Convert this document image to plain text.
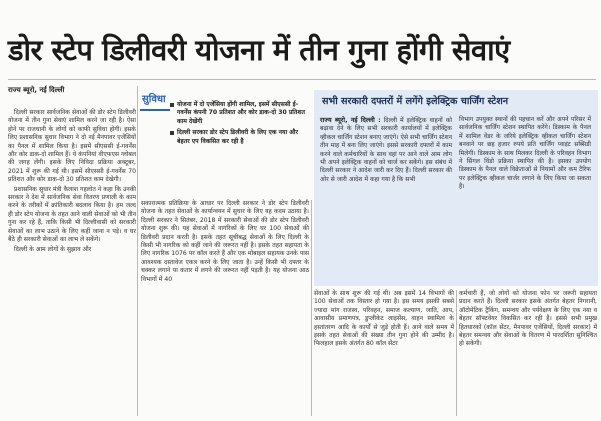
डोर स्टेप डिलीवरी योजना में तीन गुना होंगी सेवाएं
राज्य ब्यूरो, नई दिल्ली

दिल्ली सरकार सार्वजनिक सेवाओं की डोर स्टेप डिलीवरी योजना में तीन गुना सेवाएं शामिल करने जा रही है। ऐसा होने पर राजधानी के लोगों को काफी सुविधा होगी। इसके लिए प्रशासनिक सुधार विभाग ने दो नई मैनपावर एजेंसियों का पैनल में शामिल किया है। इसमें सीएससी ई-गवर्नेंस और कोर डाक-दो शामिल हैं। ये कंपनियां वीएफएस ग्लोबल की जगह लेंगी। इसके लिए निविदा प्रक्रिया अक्टूबर, 2021 में शुरू की गई थी। इसमें सीएससी ई-गवर्नेंस 70 प्रतिशत और कोर डाक-दो 30 प्रतिशत काम देखेगी।

प्रशासनिक सुधार मंत्री कैलाश गहलोत ने कहा कि उनकी सरकार ने देश में सार्वजनिक सेवा वितरण प्रणाली के काम करने के तरीकों में क्रांतिकारी बदलाव किया है। हम जल्द ही डोर स्टेप योजना के तहत आने वाली सेवाओं को भी तीन गुना कर रहे हैं, ताकि किसी भी दिल्लीवासी को सरकारी सेवाओं का लाभ उठाने के लिए कहीं जाना न पड़े। व घर बैठे ही सरकारी सेवाओं का लाभ ले सकेंगे।

दिल्ली के आम लोगों के सुझाव और

सुविधा	योजना में दो एजेंसिया होंगी शामिल, इसमें सीएससी ई-गवर्नेंस कंपनी 70 प्रतिशत और कोर डाक-दो 30 प्रतिशत काम देखेंगी
दिल्ली सरकार डोर स्टेप डिलीवरी के लिए एक नया और बेहतर एप विकसित कर रही है

सकारात्मक प्रतिक्रिया के आधार पर दिल्ली सरकार ने डोर स्टेप डिलीवरी योजना के तहत सेवाओं के कार्यान्वयन में सुधार के लिए यह कदम उठाया है। दिल्ली सरकार ने सितंबर, 2018 में सरकारी सेवाओं की डोर स्टेप डिलीवरी योजना शुरू की। यह सेवाओं में नागरिकों के लिए घर 100 सेवाओं की डिलीवरी प्रदान करती है। इसके तहत सूचीबद्ध सेवाओं के लिए दिल्ली के किसी भी नागरिक को कहीं जाने की जरूरत नहीं है। इसके तहत सहायता के लिए नागरिक 1076 पर कॉल करते हैं और एक मोबाइल सहायक उनके पास आवश्यक दस्तावेज एकत्र करने के लिए जाता है। उन्हें किसी भी दफ्तर के चक्कर लगाने या कतार में लगने की जरूरत नहीं पड़ती है। यह योजना आठ विभागों में 40

सभी सरकारी दफ्तरों में लगेंगे इलेक्ट्रिक चार्जिंग स्टेशन
राज्य ब्यूरो, नई दिल्ली : दिल्ली में इलेक्ट्रिक वाहनों को बढ़ावा देने के लिए सभी सरकारी कार्यालयों में इलेक्ट्रिक व्हीकल चार्जिंग स्टेशन बनाए जाएंगे। ऐसे सभी चार्जिंग स्टेशन तीन माह में बना लिए जाएंगे। इससे सरकारी दफ्तरों में काम करने वाले कर्मचारियों के साथ वहां पर आने वाले आम लोग भी अपने इलेक्ट्रिक वाहनों को चार्ज कर सकेंगे। इस संबंध में दिल्ली सरकार ने आदेश जारी कर दिए हैं। दिल्ली सरकार की ओर से जारी आदेश में कहा गया है कि सभी
विभाग उपयुक्त स्थानों की पहचान करें और अपने परिसर में सार्वजनिक चार्जिंग स्टेशन स्थापित करेंगे। डिस्काम के पैनल में शामिल वेंडर के जरिये इलेक्ट्रिक व्हीकल चार्जिंग स्टेशन बनवाने पर छह हजार रुपये प्रति चार्जिंग प्वाइंट सब्सिडी मिलेगी। डिस्काम के साथ मिलकर दिल्ली के परिवहन विभाग ने सिंगल विंडो प्रक्रिया स्थापित की है। इसका उपयोग डिस्काम के पैनल वाले विक्रेताओं से नियामों और कम टैरिफ पर इलेक्ट्रिक व्हीकल चार्जर लगाने के लिए किया जा सकता है।

सेवाओं के साथ शुरू की गई थी। अब इसमें 14 विभागों की 100 सेवाओं तक विस्तार हो गया है। इस समय इसकी सबसे ज्यादा मांग राजस्व, परिवहन, समाज कल्याण, जाति, आय, आवासीय प्रमाणपत्र, डुप्लीकेट लाइसेंस, वाहन स्वामित्व के हस्तांतरण आदि के कार्यों से जुड़े होती हैं। आने वाले समय में इसके तहत सेवाओं की संख्या तीन गुना होने की उम्मीद है। फिलहाल इसके अंतर्गत 80 कॉल सेंटर

कर्मचारी हैं, जो लोगों को योजना फोन पर जरूरी सहायता प्रदान करते हैं। दिल्ली सरकार इसके अंतर्गत बेहतर निगरानी, ऑटोमेटिक ट्रैकिंग, समन्वय और पर्यवेक्षण के लिए एक नया व बेहतर सॉफ्टवेयर विकसित कर रही है। इससे सभी प्रमुख हितधारकों (कॉल सेंटर, मैनपावर एजेंसियों, दिल्ली सरकार) में बेहतर समन्वय और सेवाओं के वितरण में पारदर्शिता सुनिश्चित हो सकेगी।
